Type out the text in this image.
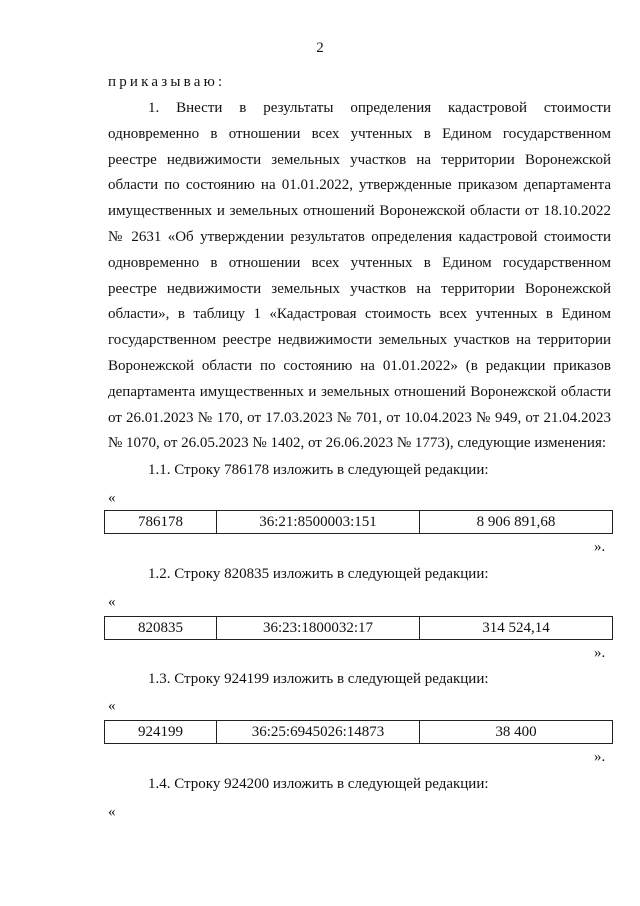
2
приказываю:

1. Внести в результаты определения кадастровой стоимости одновременно в отношении всех учтенных в Едином государственном реестре недвижимости земельных участков на территории Воронежской области по состоянию на 01.01.2022, утвержденные приказом департамента имущественных и земельных отношений Воронежской области от 18.10.2022 № 2631 «Об утверждении результатов определения кадастровой стоимости одновременно в отношении всех учтенных в Едином государственном реестре недвижимости земельных участков на территории Воронежской области», в таблицу 1 «Кадастровая стоимость всех учтенных в Едином государственном реестре недвижимости земельных участков на территории Воронежской области по состоянию на 01.01.2022» (в редакции приказов департамента имущественных и земельных отношений Воронежской области от 26.01.2023 № 170, от 17.03.2023 № 701, от 10.04.2023 № 949, от 21.04.2023 № 1070, от 26.05.2023 № 1402, от 26.06.2023 № 1773), следующие изменения:

1.1. Строку 786178 изложить в следующей редакции:
«
786178	36:21:8500003:151	8 906 891,68
».
1.2. Строку 820835 изложить в следующей редакции:
«
820835	36:23:1800032:17	314 524,14
».
1.3. Строку 924199 изложить в следующей редакции:
«
924199	36:25:6945026:14873	38 400
».
1.4. Строку 924200 изложить в следующей редакции:
«
